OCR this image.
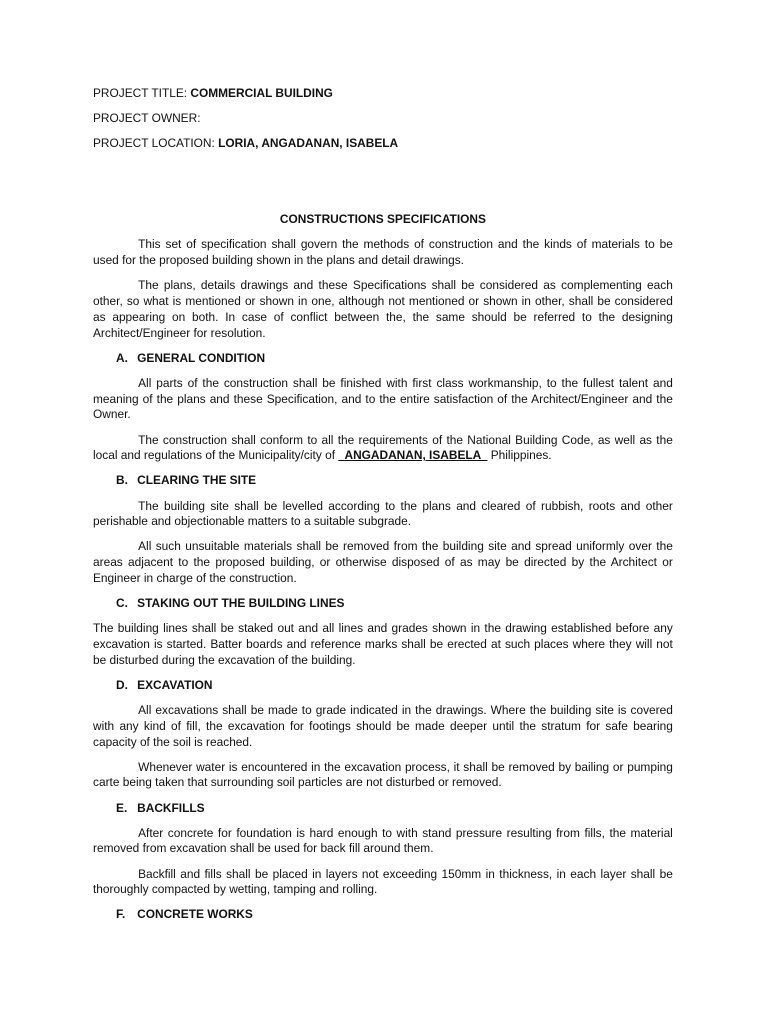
PROJECT TITLE: COMMERCIAL BUILDING
PROJECT OWNER:
PROJECT LOCATION: LORIA, ANGADANAN, ISABELA
CONSTRUCTIONS SPECIFICATIONS

This set of specification shall govern the methods of construction and the kinds of materials to be used for the proposed building shown in the plans and detail drawings.

The plans, details drawings and these Specifications shall be considered as complementing each other, so what is mentioned or shown in one, although not mentioned or shown in other, shall be considered as appearing on both. In case of conflict between the, the same should be referred to the designing Architect/Engineer for resolution.

A. GENERAL CONDITION

All parts of the construction shall be finished with first class workmanship, to the fullest talent and meaning of the plans and these Specification, and to the entire satisfaction of the Architect/Engineer and the Owner.

The construction shall conform to all the requirements of the National Building Code, as well as the local and regulations of the Municipality/city of   ANGADANAN, ISABELA   Philippines.

B. CLEARING THE SITE

The building site shall be levelled according to the plans and cleared of rubbish, roots and other perishable and objectionable matters to a suitable subgrade.

All such unsuitable materials shall be removed from the building site and spread uniformly over the areas adjacent to the proposed building, or otherwise disposed of as may be directed by the Architect or Engineer in charge of the construction.

C. STAKING OUT THE BUILDING LINES

The building lines shall be staked out and all lines and grades shown in the drawing established before any excavation is started. Batter boards and reference marks shall be erected at such places where they will not be disturbed during the excavation of the building.

D. EXCAVATION

All excavations shall be made to grade indicated in the drawings. Where the building site is covered with any kind of fill, the excavation for footings should be made deeper until the stratum for safe bearing capacity of the soil is reached.

Whenever water is encountered in the excavation process, it shall be removed by bailing or pumping carte being taken that surrounding soil particles are not disturbed or removed.

E. BACKFILLS

After concrete for foundation is hard enough to with stand pressure resulting from fills, the material removed from excavation shall be used for back fill around them.

Backfill and fills shall be placed in layers not exceeding 150mm in thickness, in each layer shall be thoroughly compacted by wetting, tamping and rolling.

F. CONCRETE WORKS
